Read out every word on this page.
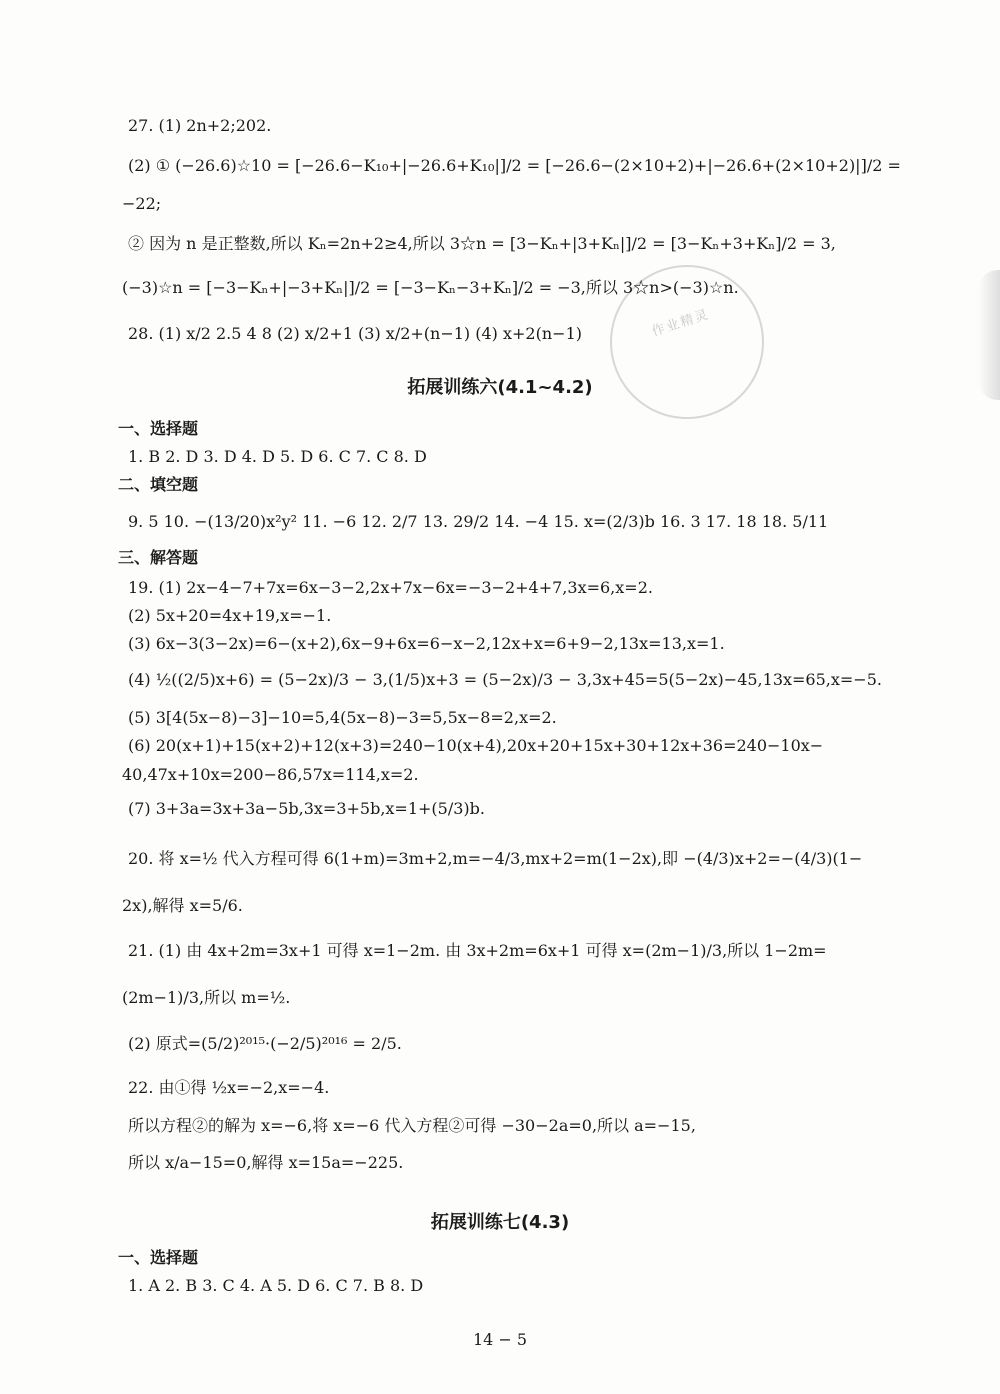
作业精灵
27. (1) 2n+2;202.
(2) ① (−26.6)☆10 = [−26.6−K₁₀+|−26.6+K₁₀|]/2 = [−26.6−(2×10+2)+|−26.6+(2×10+2)|]/2 =
−22;
② 因为 n 是正整数,所以 Kₙ=2n+2≥4,所以 3☆n = [3−Kₙ+|3+Kₙ|]/2 = [3−Kₙ+3+Kₙ]/2 = 3,
(−3)☆n = [−3−Kₙ+|−3+Kₙ|]/2 = [−3−Kₙ−3+Kₙ]/2 = −3,所以 3☆n>(−3)☆n.
28. (1) x/2 2.5 4 8 (2) x/2+1 (3) x/2+(n−1) (4) x+2(n−1)
拓展训练六(4.1~4.2)
一、选择题
1. B 2. D 3. D 4. D 5. D 6. C 7. C 8. D
二、填空题
9. 5 10. −(13/20)x²y² 11. −6 12. 2/7 13. 29/2 14. −4 15. x=(2/3)b 16. 3 17. 18 18. 5/11
三、解答题
19. (1) 2x−4−7+7x=6x−3−2,2x+7x−6x=−3−2+4+7,3x=6,x=2.
(2) 5x+20=4x+19,x=−1.
(3) 6x−3(3−2x)=6−(x+2),6x−9+6x=6−x−2,12x+x=6+9−2,13x=13,x=1.
(4) ½((2/5)x+6) = (5−2x)/3 − 3,(1/5)x+3 = (5−2x)/3 − 3,3x+45=5(5−2x)−45,13x=65,x=−5.
(5) 3[4(5x−8)−3]−10=5,4(5x−8)−3=5,5x−8=2,x=2.
(6) 20(x+1)+15(x+2)+12(x+3)=240−10(x+4),20x+20+15x+30+12x+36=240−10x−
40,47x+10x=200−86,57x=114,x=2.
(7) 3+3a=3x+3a−5b,3x=3+5b,x=1+(5/3)b.
20. 将 x=½ 代入方程可得 6(1+m)=3m+2,m=−4/3,mx+2=m(1−2x),即 −(4/3)x+2=−(4/3)(1−
2x),解得 x=5/6.
21. (1) 由 4x+2m=3x+1 可得 x=1−2m. 由 3x+2m=6x+1 可得 x=(2m−1)/3,所以 1−2m=
(2m−1)/3,所以 m=½.
(2) 原式=(5/2)²⁰¹⁵·(−2/5)²⁰¹⁶ = 2/5.
22. 由①得 ½x=−2,x=−4.
所以方程②的解为 x=−6,将 x=−6 代入方程②可得 −30−2a=0,所以 a=−15,
所以 x/a−15=0,解得 x=15a=−225.
拓展训练七(4.3)
一、选择题
1. A 2. B 3. C 4. A 5. D 6. C 7. B 8. D
14 − 5
